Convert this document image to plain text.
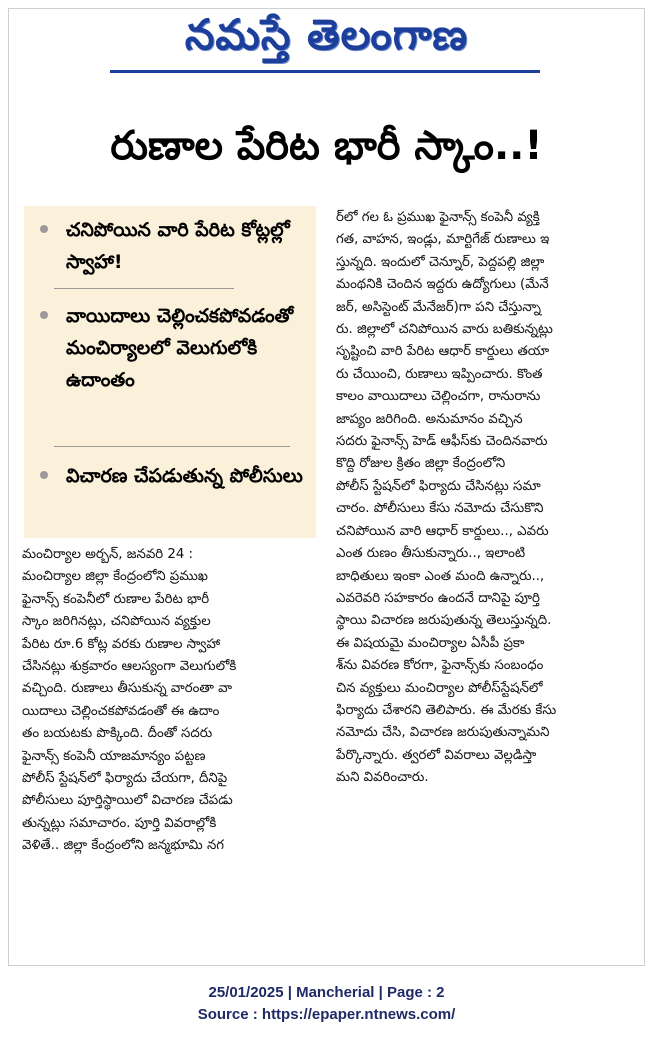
నమస్తే తెలంగాణ
రుణాల పేరిట భారీ స్కాం..!
చనిపోయిన వారి పేరిట కోట్లల్లో స్వాహా!
వాయిదాలు చెల్లించకపోవడంతో మంచిర్యాలలో వెలుగులోకి ఉదాంతం
విచారణ చేపడుతున్న పోలీసులు
మంచిర్యాల అర్బన్, జనవరి 24 :
మంచిర్యాల జిల్లా కేంద్రంలోని ప్రముఖ
ఫైనాన్స్ కంపెనీలో రుణాల పేరిట భారీ
స్కాం జరిగినట్లు, చనిపోయిన వ్యక్తుల
పేరిట రూ.6 కోట్ల వరకు రుణాల స్వాహా
చేసినట్లు శుక్రవారం ఆలస్యంగా వెలుగులోకి
వచ్చింది. రుణాలు తీసుకున్న వారంతా వా
యిదాలు చెల్లించకపోవడంతో ఈ ఉదాం
తం బయటకు పొక్కింది. దీంతో సదరు
ఫైనాన్స్ కంపెనీ యాజమాన్యం పట్టణ
పోలీస్ స్టేషన్‌లో ఫిర్యాదు చేయగా, దీనిపై
పోలీసులు పూర్తిస్థాయిలో విచారణ చేపడు
తున్నట్లు సమాచారం. పూర్తి వివరాల్లోకి
వెళితే.. జిల్లా కేంద్రంలోని జన్మభూమి నగ
ర్‌లో గల ఓ ప్రముఖ ఫైనాన్స్ కంపెనీ వ్యక్తి
గత, వాహన, ఇండ్లు, మార్టిగేజ్ రుణాలు ఇ
స్తున్నది. ఇందులో చెన్నూర్, పెద్దపల్లి జిల్లా
మంథనికి చెందిన ఇద్దరు ఉద్యోగులు (మేనే
జర్, అసిస్టెంట్ మేనేజర్)గా పని చేస్తున్నా
రు. జిల్లాలో చనిపోయిన వారు బతికున్నట్లు
సృష్టించి వారి పేరిట ఆధార్ కార్డులు తయా
రు చేయించి, రుణాలు ఇప్పించారు. కొంత
కాలం వాయిదాలు చెల్లించగా, రానురాను
జాప్యం జరిగింది. అనుమానం వచ్చిన
సదరు ఫైనాన్స్ హెడ్ ఆఫీస్‌కు చెందినవారు
కొద్ది రోజుల క్రితం జిల్లా కేంద్రంలోని
పోలీస్ స్టేషన్‌లో ఫిర్యాదు చేసినట్లు సమా
చారం. పోలీసులు కేసు నమోదు చేసుకొని
చనిపోయిన వారి ఆధార్ కార్డులు.., ఎవరు
ఎంత రుణం తీసుకున్నారు.., ఇలాంటి
బాధితులు ఇంకా ఎంత మంది ఉన్నారు..,
ఎవరెవరి సహకారం ఉందనే దానిపై పూర్తి
స్థాయి విచారణ జరుపుతున్న తెలుస్తున్నది.
ఈ విషయమై మంచిర్యాల ఏసీపీ ప్రకా
శ్‌ను వివరణ కోరగా, ఫైనాన్స్‌కు సంబంధం
చిన వ్యక్తులు మంచిర్యాల పోలీస్‌స్టేషన్‌లో
ఫిర్యాదు చేశారని తెలిపారు. ఈ మేరకు కేసు
నమోదు చేసి, విచారణ జరుపుతున్నామని
పేర్కొన్నారు. త్వరలో వివరాలు వెల్లడిస్తా
మని వివరించారు.
25/01/2025 | Mancherial | Page : 2
Source : https://epaper.ntnews.com/
